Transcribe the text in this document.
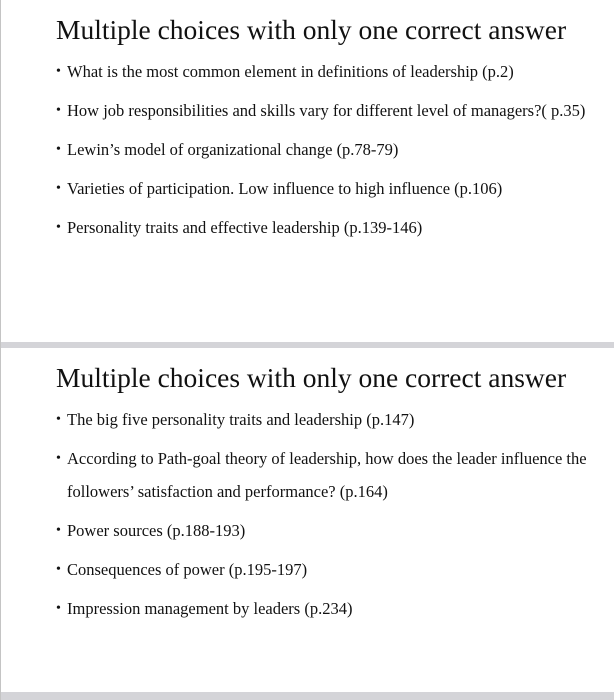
Multiple choices with only one correct answer
• What is the most common element in definitions of leadership (p.2)
• How job responsibilities and skills vary for different level of managers?( p.35)
• Lewin’s model of organizational change (p.78-79)
• Varieties of participation. Low influence to high influence (p.106)
• Personality traits and effective leadership (p.139-146)
Multiple choices with only one correct answer
• The big five personality traits and leadership (p.147)
• According to Path-goal theory of leadership, how does the leader influence the followers’ satisfaction and performance? (p.164)
• Power sources (p.188-193)
• Consequences of power (p.195-197)
• Impression management by leaders (p.234)
